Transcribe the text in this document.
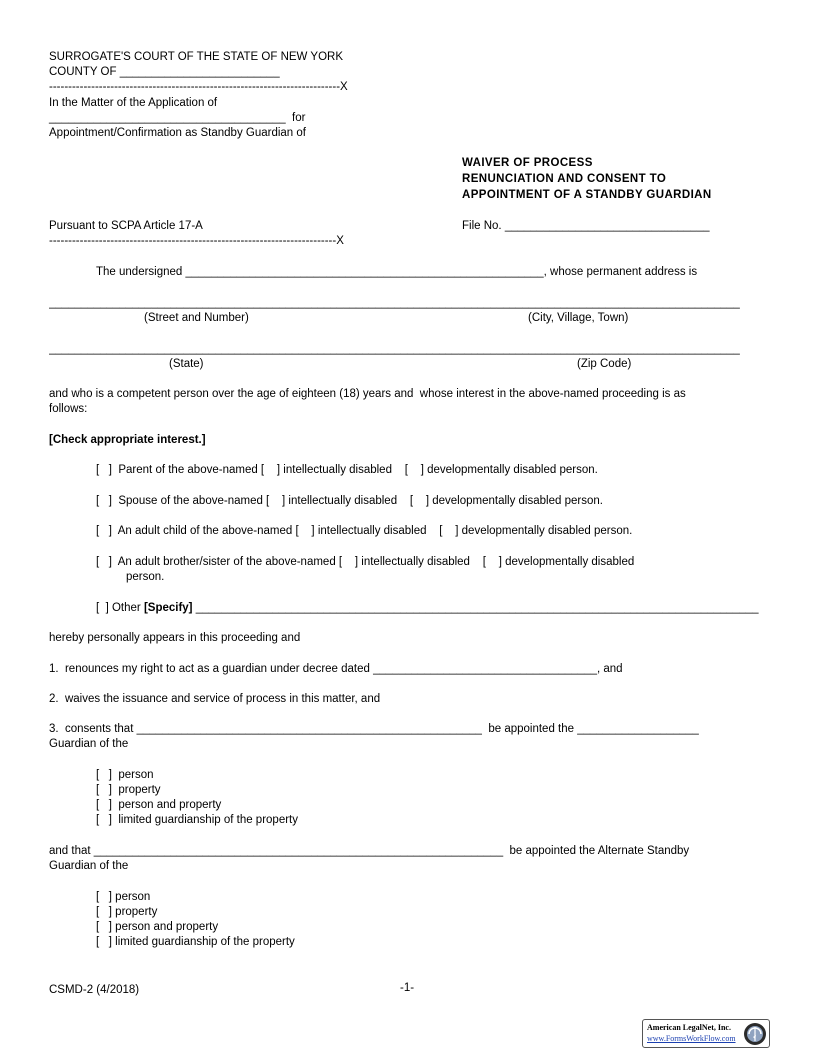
SURROGATE'S COURT OF THE STATE OF NEW YORK
COUNTY OF _________________________
----------------------------------------------------------------------------X
In the Matter of the Application of
_____________________________________  for
Appointment/Confirmation as Standby Guardian of
WAIVER OF PROCESS
RENUNCIATION AND CONSENT TO
APPOINTMENT OF A STANDBY GUARDIAN
Pursuant to SCPA Article 17-A	File No. ________________________________
---------------------------------------------------------------------------X
The undersigned ________________________________________________________, whose permanent address is
____________________________________________________________________________________________________________
(Street and Number)	(City, Village, Town)
____________________________________________________________________________________________________________
(State)	(Zip Code)
and who is a competent person over the age of eighteen (18) years and  whose interest in the above-named proceeding is as
follows:
[Check appropriate interest.]
[   ]  Parent of the above-named [    ] intellectually disabled    [    ] developmentally disabled person.
[   ]  Spouse of the above-named [    ] intellectually disabled    [    ] developmentally disabled person.
[   ]  An adult child of the above-named [    ] intellectually disabled    [    ] developmentally disabled person.
[   ]  An adult brother/sister of the above-named [    ] intellectually disabled    [    ] developmentally disabled
person.
[  ] Other [Specify] ________________________________________________________________________________________
hereby personally appears in this proceeding and
1.  renounces my right to act as a guardian under decree dated ___________________________________, and
2.  waives the issuance and service of process in this matter, and
3.  consents that ______________________________________________________  be appointed the ___________________
Guardian of the
[   ]  person
[   ]  property
[   ]  person and property
[   ]  limited guardianship of the property
and that ________________________________________________________________  be appointed the Alternate Standby
Guardian of the
[   ] person
[   ] property
[   ] person and property
[   ] limited guardianship of the property
CSMD-2 (4/2018)	-1-
American LegalNet, Inc.
www.FormsWorkFlow.com
